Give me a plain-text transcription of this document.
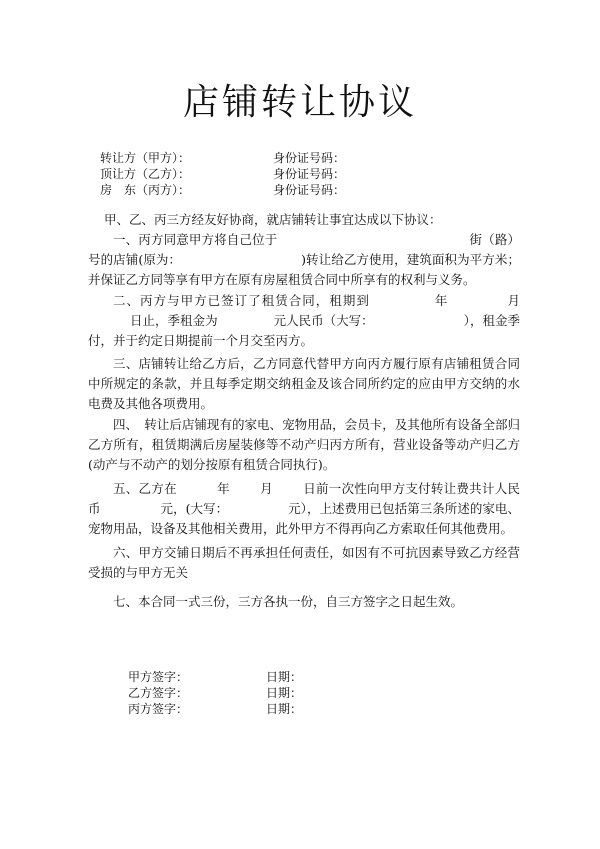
店铺转让协议
转让方（甲方）：	身份证号码：
顶让方（乙方）：	身份证号码：
房　东（丙方）：	身份证号码：
甲、乙、丙三方经友好协商，就店铺转让事宜达成以下协议：
一、丙方同意甲方将自己位于	街（路）号的店铺(原为：	)转让给乙方使用，建筑面积为平方米；并保证乙方同等享有甲方在原有房屋租赁合同中所享有的权利与义务。
二、丙方与甲方已签订了租赁合同，租期到	年	月日止，季租金为	元人民币（大写：	），租金季付，并于约定日期提前一个月交至丙方。
三、店铺转让给乙方后，乙方同意代替甲方向丙方履行原有店铺租赁合同中所规定的条款，并且每季定期交纳租金及该合同所约定的应由甲方交纳的水电费及其他各项费用。
四、　转让后店铺现有的家电、宠物用品，会员卡，及其他所有设备全部归乙方所有，租赁期满后房屋装修等不动产归丙方所有，营业设备等动产归乙方(动产与不动产的划分按原有租赁合同执行)。
五、乙方在	年 月 日前一次性向甲方支付转让费共计人民币	元，(大写：	元），上述费用已包括第三条所述的家电、宠物用品，设备及其他相关费用，此外甲方不得再向乙方索取任何其他费用。
六、甲方交铺日期后不再承担任何责任，如因有不可抗因素导致乙方经营受损的与甲方无关
七、本合同一式三份，三方各执一份，自三方签字之日起生效。
甲方签字：	日期：
乙方签字：	日期：
丙方签字：	日期：
